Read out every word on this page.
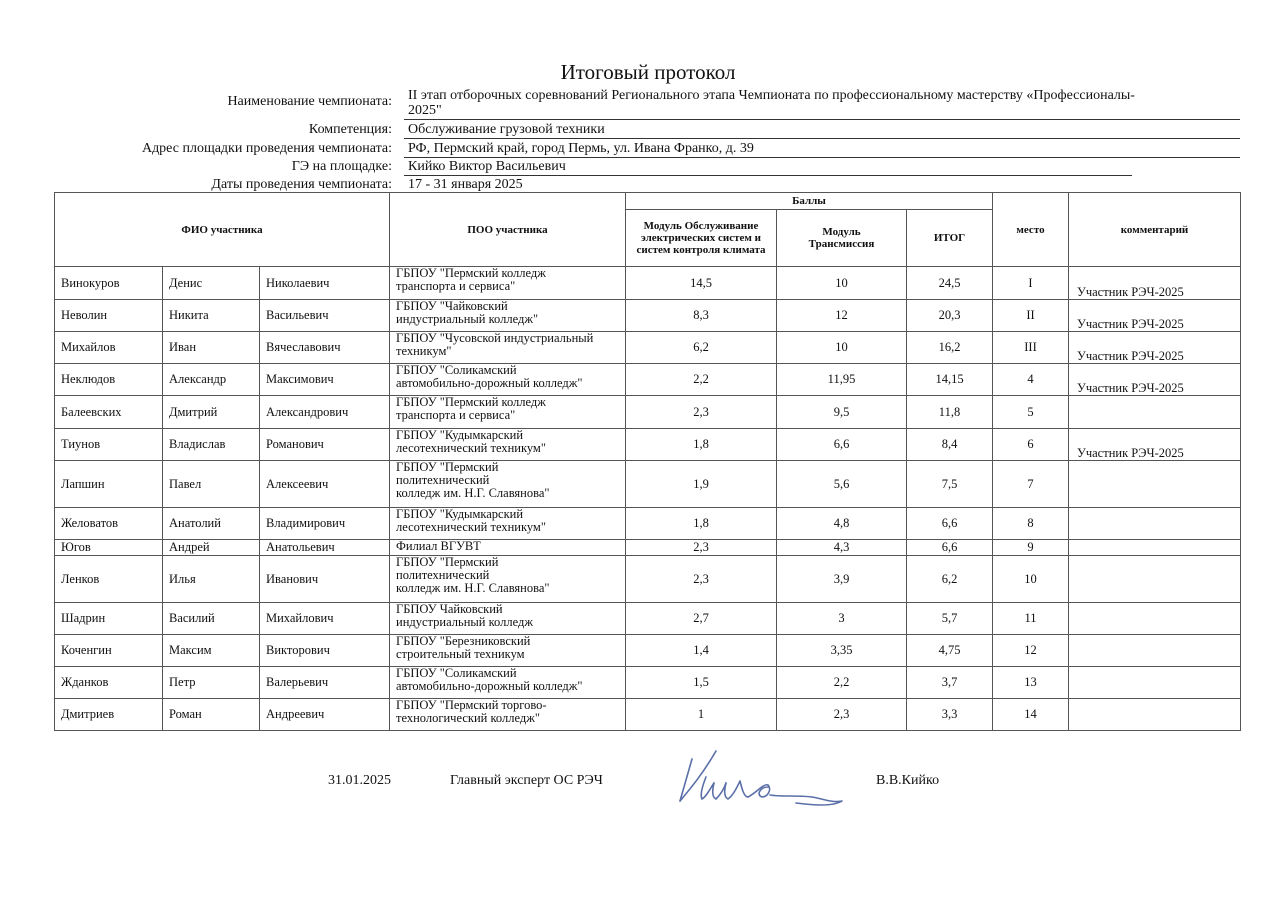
Итоговый протокол
Наименование чемпионата: II этап отборочных соревнований Регионального этапа Чемпионата по профессиональному мастерству «Профессионалы-
2025"
Компетенция: Обслуживание грузовой техники
Адрес площадки проведения чемпионата: РФ, Пермский край, город Пермь, ул. Ивана Франко, д. 39
ГЭ на площадке: Кийко Виктор Васильевич
Даты проведения чемпионата: 17 - 31 января 2025
ФИО участника			ПОО участника	Баллы			место	комментарий
				Модуль Обслуживание электрических систем и систем контроля климата	Модуль Трансмиссия	ИТОГ		
Винокуров	Денис	Николаевич	ГБПОУ "Пермский колледж
транспорта и сервиса"	14,5	10	24,5	I	Участник РЭЧ-2025
Неволин	Никита	Васильевич	ГБПОУ "Чайковский
индустриальный колледж"	8,3	12	20,3	II	Участник РЭЧ-2025
Михайлов	Иван	Вячеславович	ГБПОУ "Чусовской индустриальный
техникум"	6,2	10	16,2	III	Участник РЭЧ-2025
Неклюдов	Александр	Максимович	ГБПОУ "Соликамский
автомобильно-дорожный колледж"	2,2	11,95	14,15	4	Участник РЭЧ-2025
Балеевских	Дмитрий	Александрович	ГБПОУ "Пермский колледж
транспорта и сервиса"	2,3	9,5	11,8	5	
Тиунов	Владислав	Романович	ГБПОУ "Кудымкарский
лесотехнический техникум"	1,8	6,6	8,4	6	Участник РЭЧ-2025
Лапшин	Павел	Алексеевич	ГБПОУ "Пермский
политехнический
колледж им. Н.Г. Славянова"	1,9	5,6	7,5	7	
Желоватов	Анатолий	Владимирович	ГБПОУ "Кудымкарский
лесотехнический техникум"	1,8	4,8	6,6	8	
Югов	Андрей	Анатольевич	Филиал ВГУВТ	2,3	4,3	6,6	9	
Ленков	Илья	Иванович	ГБПОУ "Пермский
политехнический
колледж им. Н.Г. Славянова"	2,3	3,9	6,2	10	
Шадрин	Василий	Михайлович	ГБПОУ Чайковский
индустриальный колледж	2,7	3	5,7	11	
Коченгин	Максим	Викторович	ГБПОУ "Березниковский
строительный техникум	1,4	3,35	4,75	12	
Жданков	Петр	Валерьевич	ГБПОУ "Соликамский
автомобильно-дорожный колледж"	1,5	2,2	3,7	13	
Дмитриев	Роман	Андреевич	ГБПОУ "Пермский торгово-
технологический колледж"	1	2,3	3,3	14	
31.01.2025	Главный эксперт ОС РЭЧ	В.В.Кийко
